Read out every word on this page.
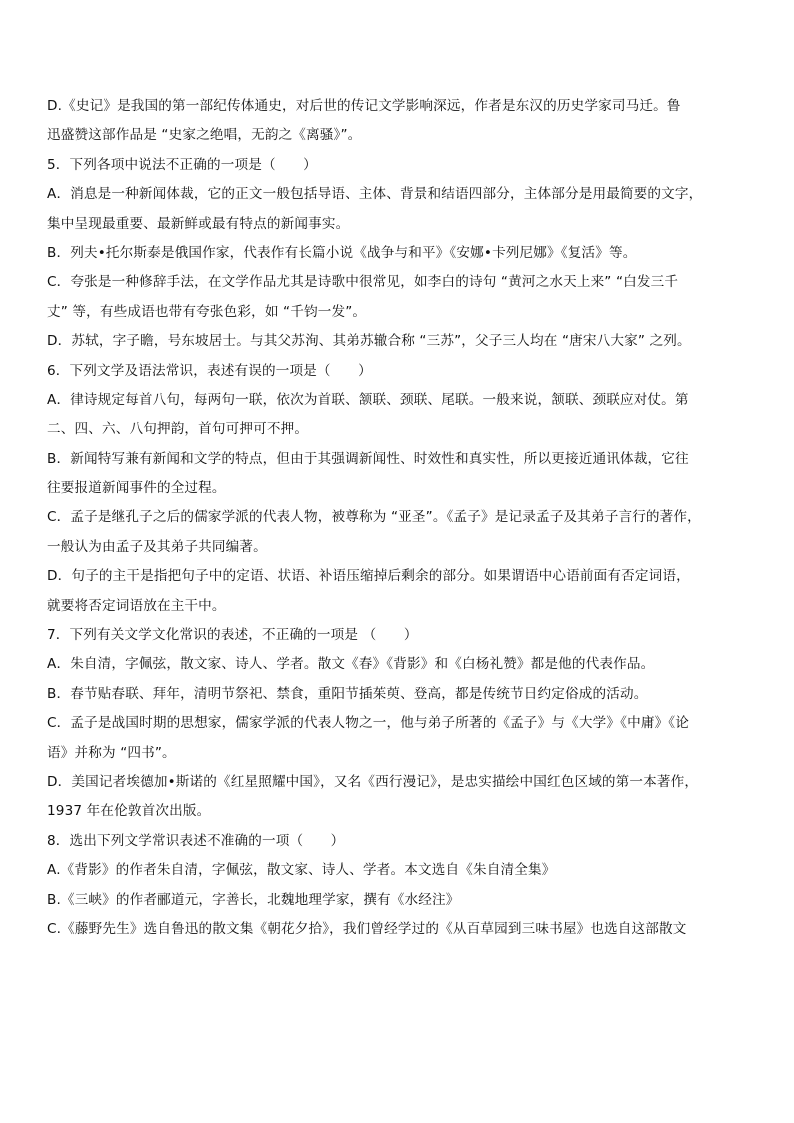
D.《史记》是我国的第一部纪传体通史，对后世的传记文学影响深远，作者是东汉的历史学家司马迁。鲁
迅盛赞这部作品是 “史家之绝唱，无韵之《离骚》”。
5．下列各项中说法不正确的一项是（　　）
A．消息是一种新闻体裁，它的正文一般包括导语、主体、背景和结语四部分，主体部分是用最简要的文字，
集中呈现最重要、最新鲜或最有特点的新闻事实。
B．列夫•托尔斯泰是俄国作家，代表作有长篇小说《战争与和平》《安娜•卡列尼娜》《复活》等。
C．夸张是一种修辞手法，在文学作品尤其是诗歌中很常见，如李白的诗句 “黄河之水天上来” “白发三千
丈” 等，有些成语也带有夸张色彩，如 “千钧一发”。
D．苏轼，字子瞻，号东坡居士。与其父苏洵、其弟苏辙合称 “三苏”，父子三人均在 “唐宋八大家” 之列。
6．下列文学及语法常识，表述有误的一项是（　　）
A．律诗规定每首八句，每两句一联，依次为首联、颔联、颈联、尾联。一般来说，颔联、颈联应对仗。第
二、四、六、八句押韵，首句可押可不押。
B．新闻特写兼有新闻和文学的特点，但由于其强调新闻性、时效性和真实性，所以更接近通讯体裁，它往
往要报道新闻事件的全过程。
C．孟子是继孔子之后的儒家学派的代表人物，被尊称为 “亚圣”。《孟子》是记录孟子及其弟子言行的著作，
一般认为由孟子及其弟子共同编著。
D．句子的主干是指把句子中的定语、状语、补语压缩掉后剩余的部分。如果谓语中心语前面有否定词语，
就要将否定词语放在主干中。
7．下列有关文学文化常识的表述，不正确的一项是 （　　）
A．朱自清，字佩弦，散文家、诗人、学者。散文《春》《背影》和《白杨礼赞》都是他的代表作品。
B．春节贴春联、拜年，清明节祭祀、禁食，重阳节插茱萸、登高，都是传统节日约定俗成的活动。
C．孟子是战国时期的思想家，儒家学派的代表人物之一，他与弟子所著的《孟子》与《大学》《中庸》《论
语》并称为 “四书”。
D．美国记者埃德加•斯诺的《红星照耀中国》，又名《西行漫记》，是忠实描绘中国红色区域的第一本著作，
1937 年在伦敦首次出版。
8．选出下列文学常识表述不准确的一项（　　）
A.《背影》的作者朱自清，字佩弦，散文家、诗人、学者。本文选自《朱自清全集》
B.《三峡》的作者郦道元，字善长，北魏地理学家，撰有《水经注》
C.《藤野先生》选自鲁迅的散文集《朝花夕拾》，我们曾经学过的《从百草园到三味书屋》也选自这部散文
